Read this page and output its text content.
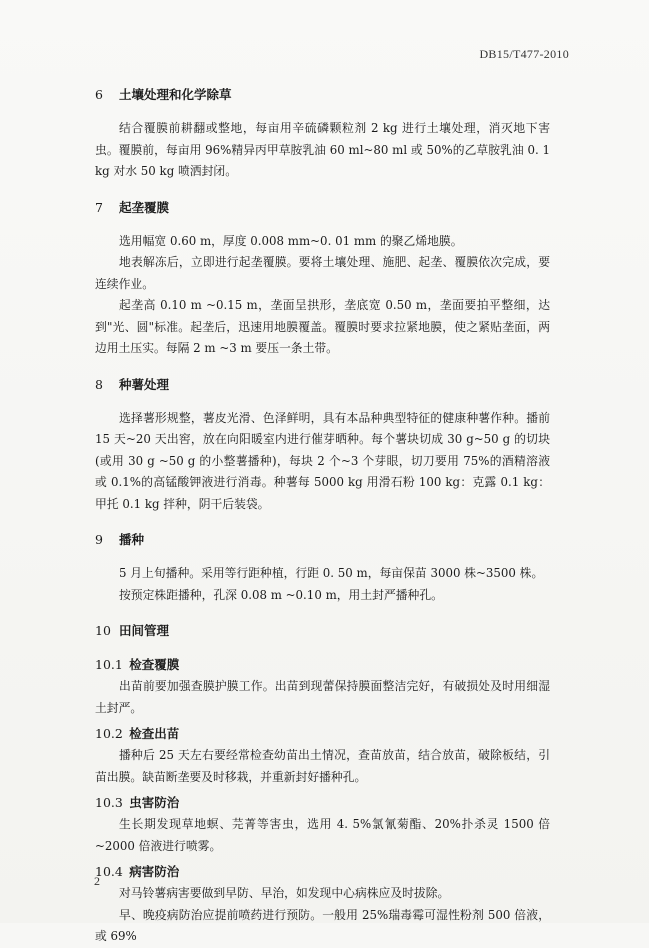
DB15/T477-2010
6 土壤处理和化学除草

结合覆膜前耕翻或整地，每亩用辛硫磷颗粒剂 2 kg 进行土壤处理，消灭地下害虫。覆膜前，每亩用 96%精异丙甲草胺乳油 60 ml~80 ml 或 50%的乙草胺乳油 0. 1 kg 对水 50 kg 喷洒封闭。

7 起垄覆膜

选用幅宽 0.60 m，厚度 0.008 mm~0. 01 mm 的聚乙烯地膜。

地表解冻后，立即进行起垄覆膜。要将土壤处理、施肥、起垄、覆膜依次完成，要连续作业。

起垄高 0.10 m ~0.15 m，垄面呈拱形，垄底宽 0.50 m，垄面要拍平整细，达到"光、圆"标准。起垄后，迅速用地膜覆盖。覆膜时要求拉紧地膜，使之紧贴垄面，两边用土压实。每隔 2 m ~3 m 要压一条土带。

8 种薯处理

选择薯形规整，薯皮光滑、色泽鲜明，具有本品种典型特征的健康种薯作种。播前 15 天~20 天出窖，放在向阳暖室内进行催芽晒种。每个薯块切成 30 g~50 g 的切块(或用 30 g ~50 g 的小整薯播种)，每块 2 个~3 个芽眼，切刀要用 75%的酒精溶液或 0.1%的高锰酸钾液进行消毒。种薯每 5000 kg 用滑石粉 100 kg：克露 0.1 kg：甲托 0.1 kg 拌种，阴干后装袋。

9 播种

5 月上旬播种。采用等行距种植，行距 0. 50 m，每亩保苗 3000 株~3500 株。

按预定株距播种，孔深 0.08 m ~0.10 m，用土封严播种孔。

10 田间管理
10.1 检查覆膜

出苗前要加强查膜护膜工作。出苗到现蕾保持膜面整洁完好，有破损处及时用细湿土封严。

10.2 检查出苗

播种后 25 天左右要经常检查幼苗出土情况，查苗放苗，结合放苗，破除板结，引苗出膜。缺苗断垄要及时移栽，并重新封好播种孔。

10.3 虫害防治

生长期发现草地螟、芫菁等害虫，选用 4. 5%氯氰菊酯、20%扑杀灵 1500 倍~2000 倍液进行喷雾。

10.4 病害防治

对马铃薯病害要做到早防、早治，如发现中心病株应及时拔除。

早、晚疫病防治应提前喷药进行预防。一般用 25%瑞毒霉可湿性粉剂 500 倍液，或 69%

2
